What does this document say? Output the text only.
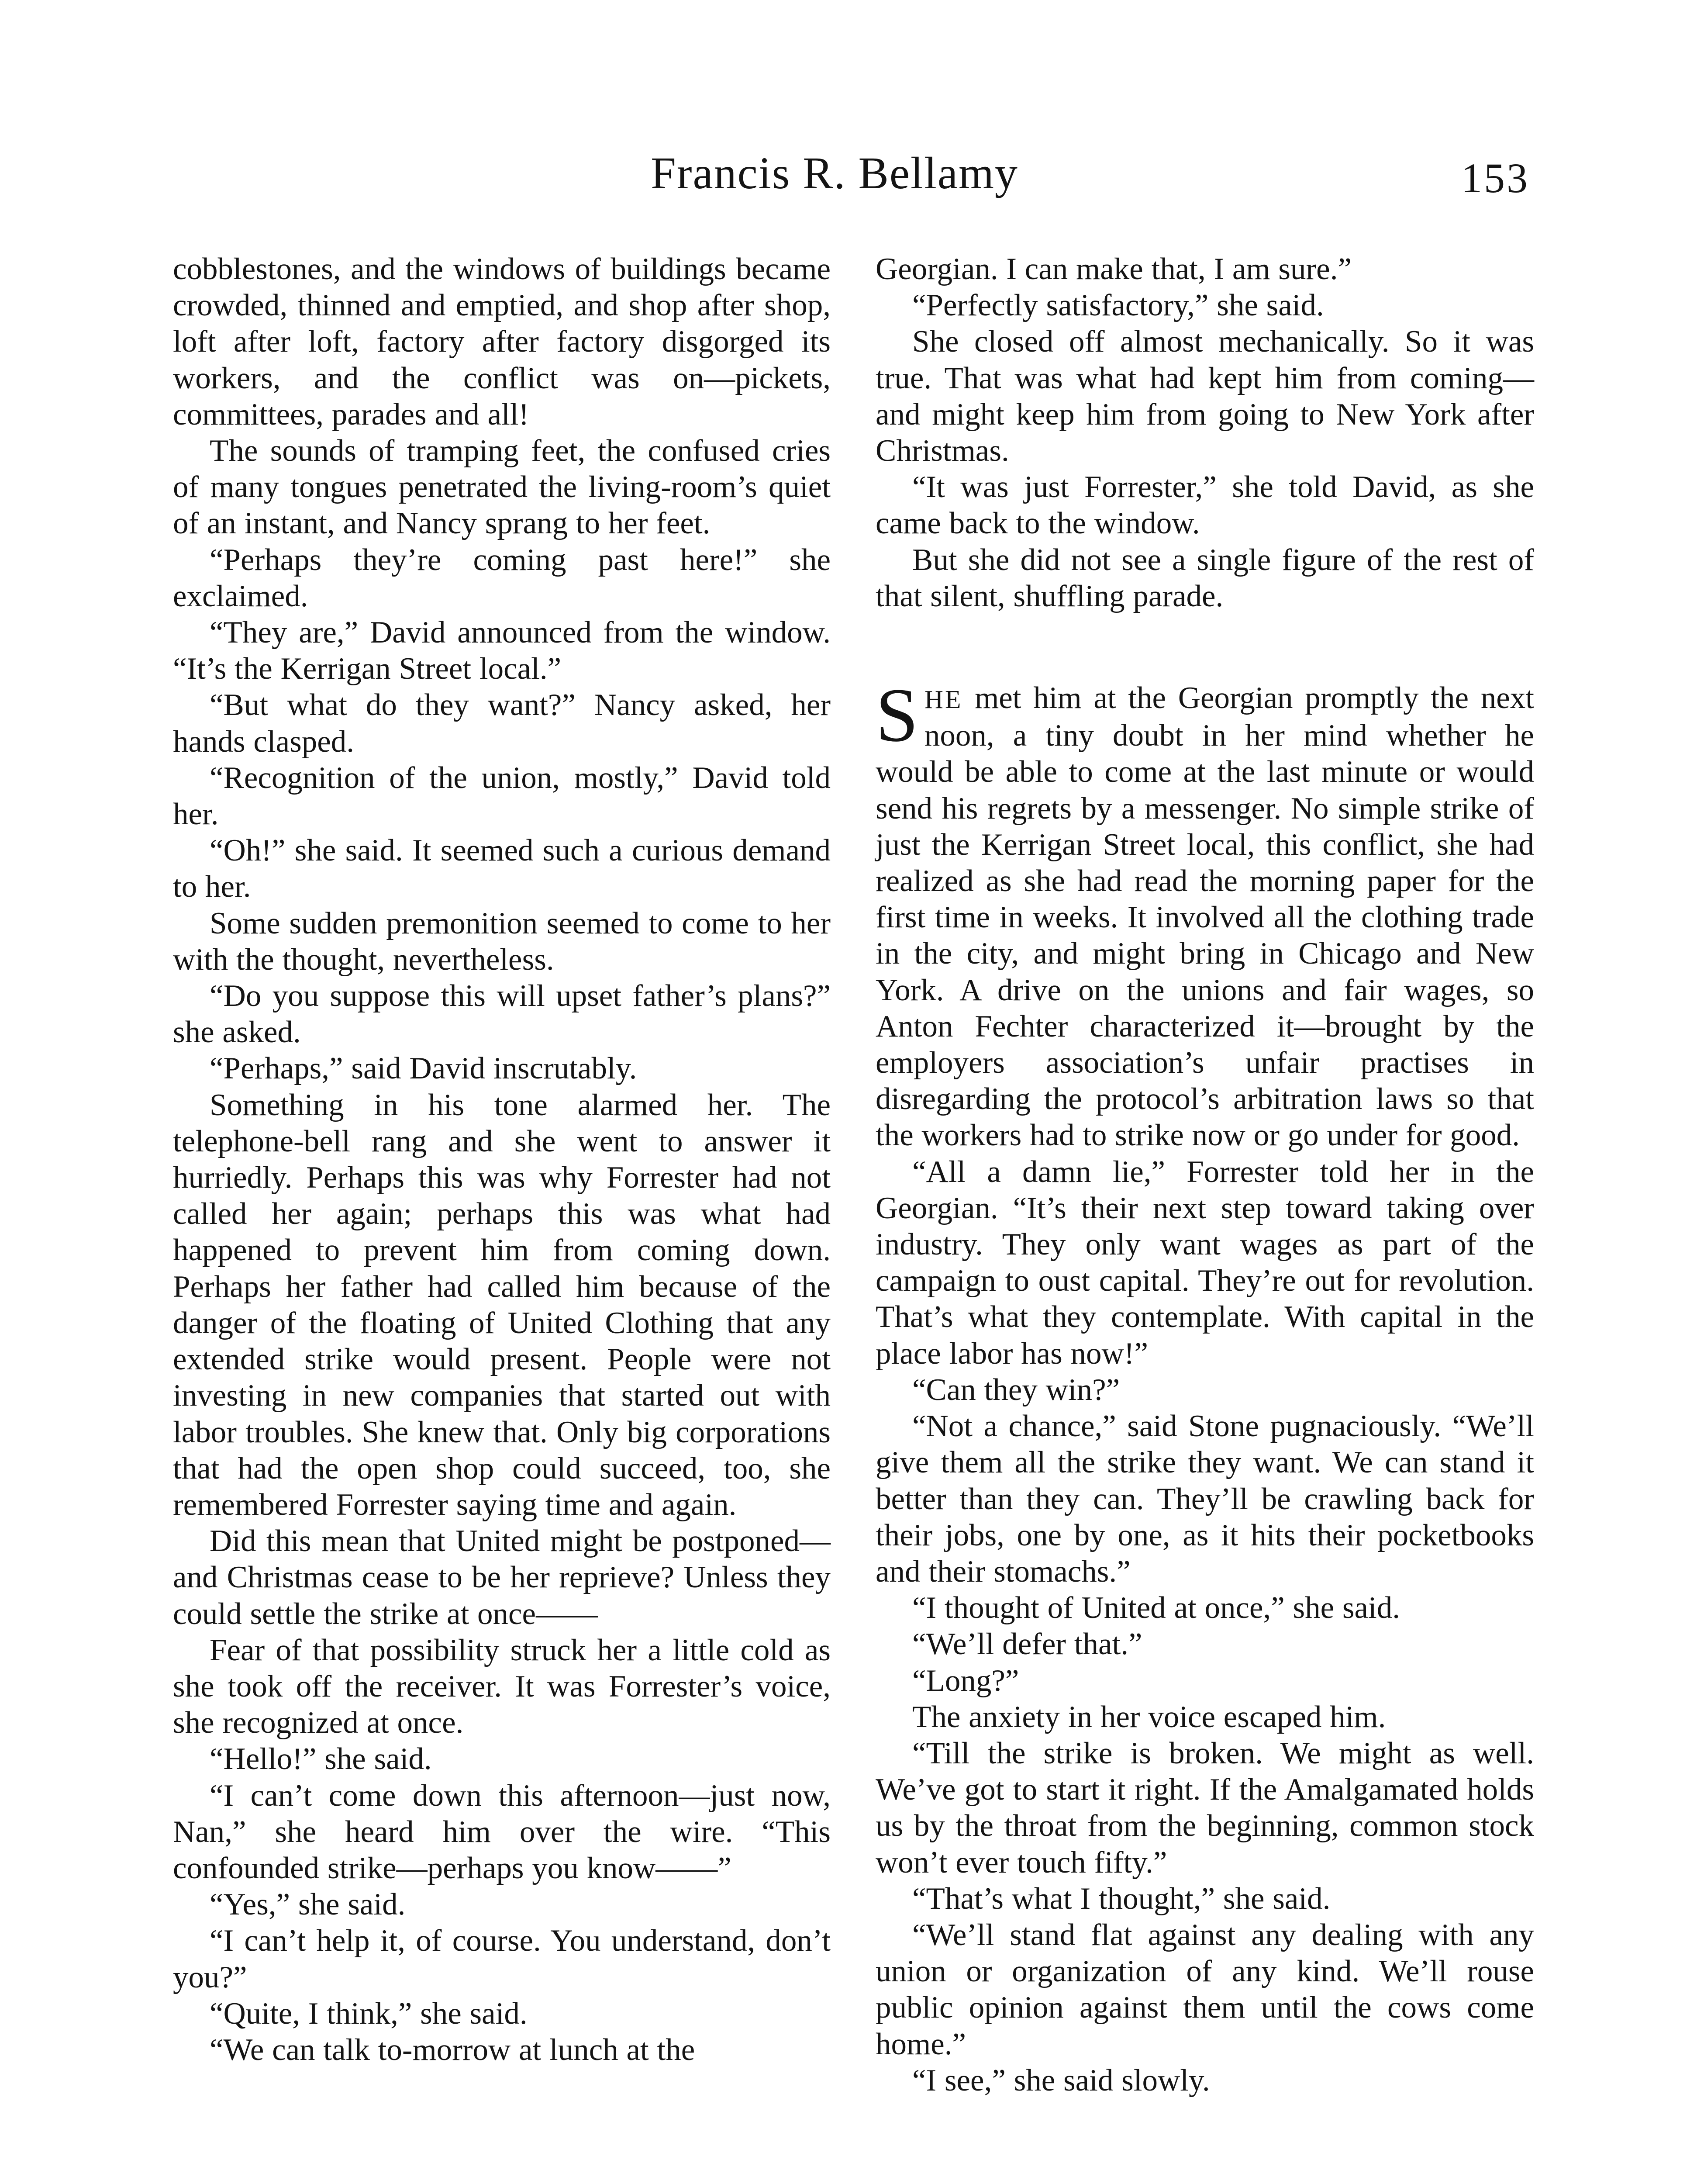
Francis R. Bellamy	153

cobblestones, and the windows of buildings became crowded, thinned and emptied, and shop after shop, loft after loft, factory after factory disgorged its workers, and the conflict was on—pickets, committees, parades and all!

The sounds of tramping feet, the confused cries of many tongues penetrated the living-room’s quiet of an instant, and Nancy sprang to her feet.

“Perhaps they’re coming past here!” she exclaimed.

“They are,” David announced from the window. “It’s the Kerrigan Street local.”

“But what do they want?” Nancy asked, her hands clasped.

“Recognition of the union, mostly,” David told her.

“Oh!” she said. It seemed such a curious demand to her.

Some sudden premonition seemed to come to her with the thought, nevertheless.

“Do you suppose this will upset father’s plans?” she asked.

“Perhaps,” said David inscrutably.

Something in his tone alarmed her. The telephone-bell rang and she went to answer it hurriedly. Perhaps this was why Forrester had not called her again; perhaps this was what had happened to prevent him from coming down. Perhaps her father had called him because of the danger of the floating of United Clothing that any extended strike would present. People were not investing in new companies that started out with labor troubles. She knew that. Only big corporations that had the open shop could succeed, too, she remembered Forrester saying time and again.

Did this mean that United might be postponed—and Christmas cease to be her reprieve? Unless they could settle the strike at once——

Fear of that possibility struck her a little cold as she took off the receiver. It was Forrester’s voice, she recognized at once.

“Hello!” she said.

“I can’t come down this afternoon—just now, Nan,” she heard him over the wire. “This confounded strike—perhaps you know——”

“Yes,” she said.

“I can’t help it, of course. You understand, don’t you?”

“Quite, I think,” she said.

“We can talk to-morrow at lunch at the

Georgian. I can make that, I am sure.”

“Perfectly satisfactory,” she said.

She closed off almost mechanically. So it was true. That was what had kept him from coming—and might keep him from going to New York after Christmas.

“It was just Forrester,” she told David, as she came back to the window.

But she did not see a single figure of the rest of that silent, shuffling parade.

SHE met him at the Georgian promptly the next noon, a tiny doubt in her mind whether he would be able to come at the last minute or would send his regrets by a messenger. No simple strike of just the Kerrigan Street local, this conflict, she had realized as she had read the morning paper for the first time in weeks. It involved all the clothing trade in the city, and might bring in Chicago and New York. A drive on the unions and fair wages, so Anton Fechter characterized it—brought by the employers association’s unfair practises in disregarding the protocol’s arbitration laws so that the workers had to strike now or go under for good.

“All a damn lie,” Forrester told her in the Georgian. “It’s their next step toward taking over industry. They only want wages as part of the campaign to oust capital. They’re out for revolution. That’s what they contemplate. With capital in the place labor has now!”

“Can they win?”

“Not a chance,” said Stone pugnaciously. “We’ll give them all the strike they want. We can stand it better than they can. They’ll be crawling back for their jobs, one by one, as it hits their pocketbooks and their stomachs.”

“I thought of United at once,” she said.

“We’ll defer that.”

“Long?”

The anxiety in her voice escaped him.

“Till the strike is broken. We might as well. We’ve got to start it right. If the Amalgamated holds us by the throat from the beginning, common stock won’t ever touch fifty.”

“That’s what I thought,” she said.

“We’ll stand flat against any dealing with any union or organization of any kind. We’ll rouse public opinion against them until the cows come home.”

“I see,” she said slowly.
